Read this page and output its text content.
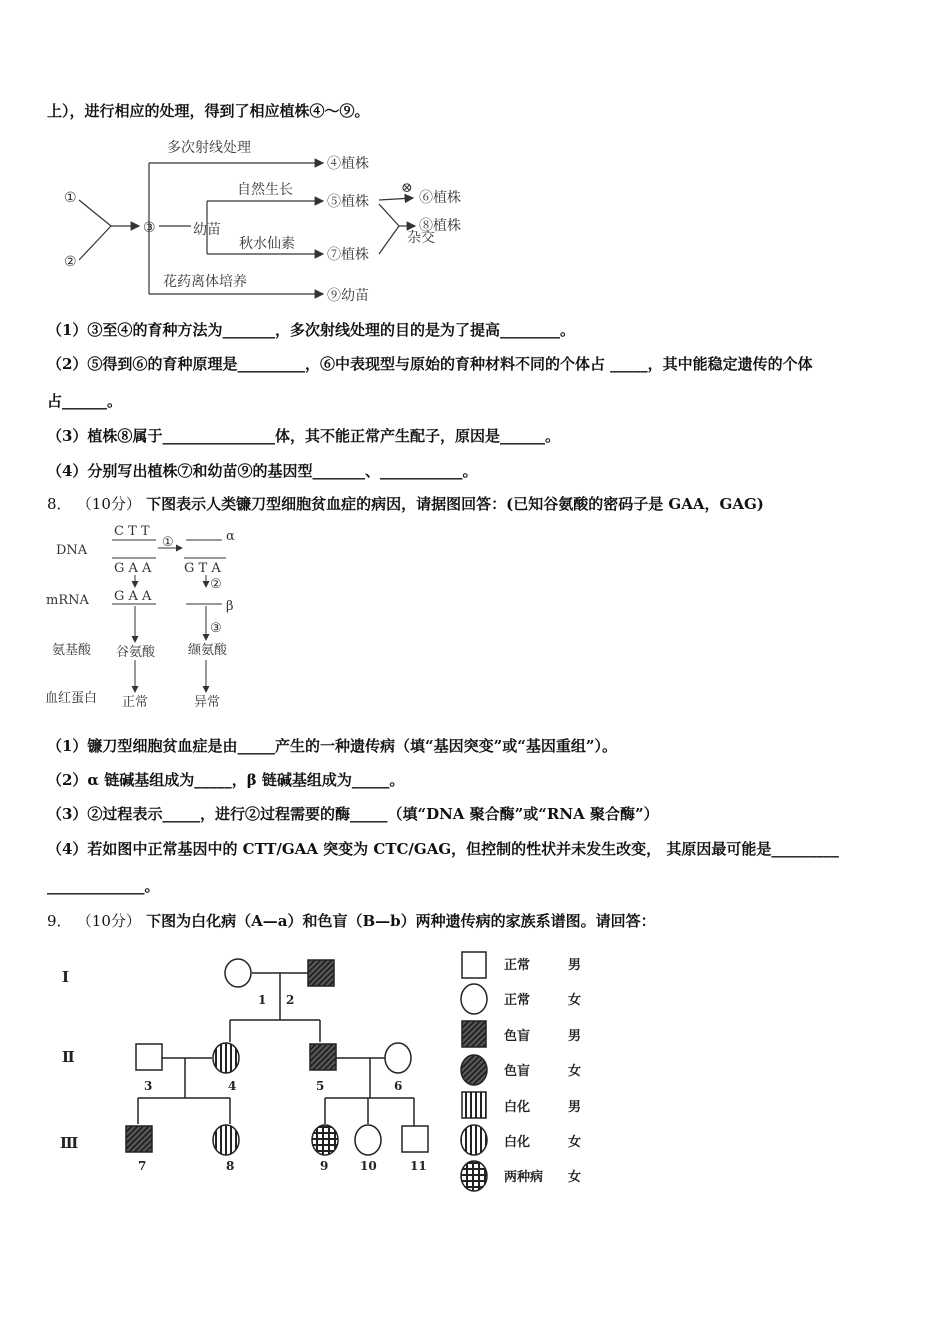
上），进行相应的处理，得到了相应植株④～⑨。
①
②
③	幼苗
多次射线处理
④植株
自然生长
⑤植株
⊗
⑥植株
秋水仙素
⑦植株
杂交
⑧植株
花药离体培养
⑨幼苗
（1）③至④的育种方法为_______，多次射线处理的目的是为了提高________。
（2）⑤得到⑥的育种原理是_________，⑥中表现型与原始的育种材料不同的个体占 _____，其中能稳定遗传的个体
占______。
（3）植株⑧属于_______________体，其不能正常产生配子，原因是______。
（4）分别写出植株⑦和幼苗⑨的基因型_______、___________。
8． （10分） 下图表示人类镰刀型细胞贫血症的病因，请据图回答：(已知谷氨酸的密码子是 GAA，GAG)
DNA
mRNA
氨基酸
血红蛋白
C T T
①	α
G A A	G T A
②
G A A
β
③
谷氨酸	缬氨酸
正常	异常
（1）镰刀型细胞贫血症是由_____产生的一种遗传病（填“基因突变”或“基因重组”）。
（2）α 链碱基组成为_____，β 链碱基组成为_____。
（3）②过程表示_____，进行②过程需要的酶_____（填“DNA 聚合酶”或“RNA 聚合酶”）
（4）若如图中正常基因中的 CTT/GAA 突变为 CTC/GAG，但控制的性状并未发生改变， 其原因最可能是_________
_____________。
9． （10分） 下图为白化病（A—a）和色盲（B—b）两种遗传病的家族系谱图。请回答：
Ⅰ
Ⅱ
Ⅲ
1 2
3	4	5	6
7	8	9	10	11
正常	男
正常	女
色盲	男
色盲	女
白化	男
白化	女
两种病 女
